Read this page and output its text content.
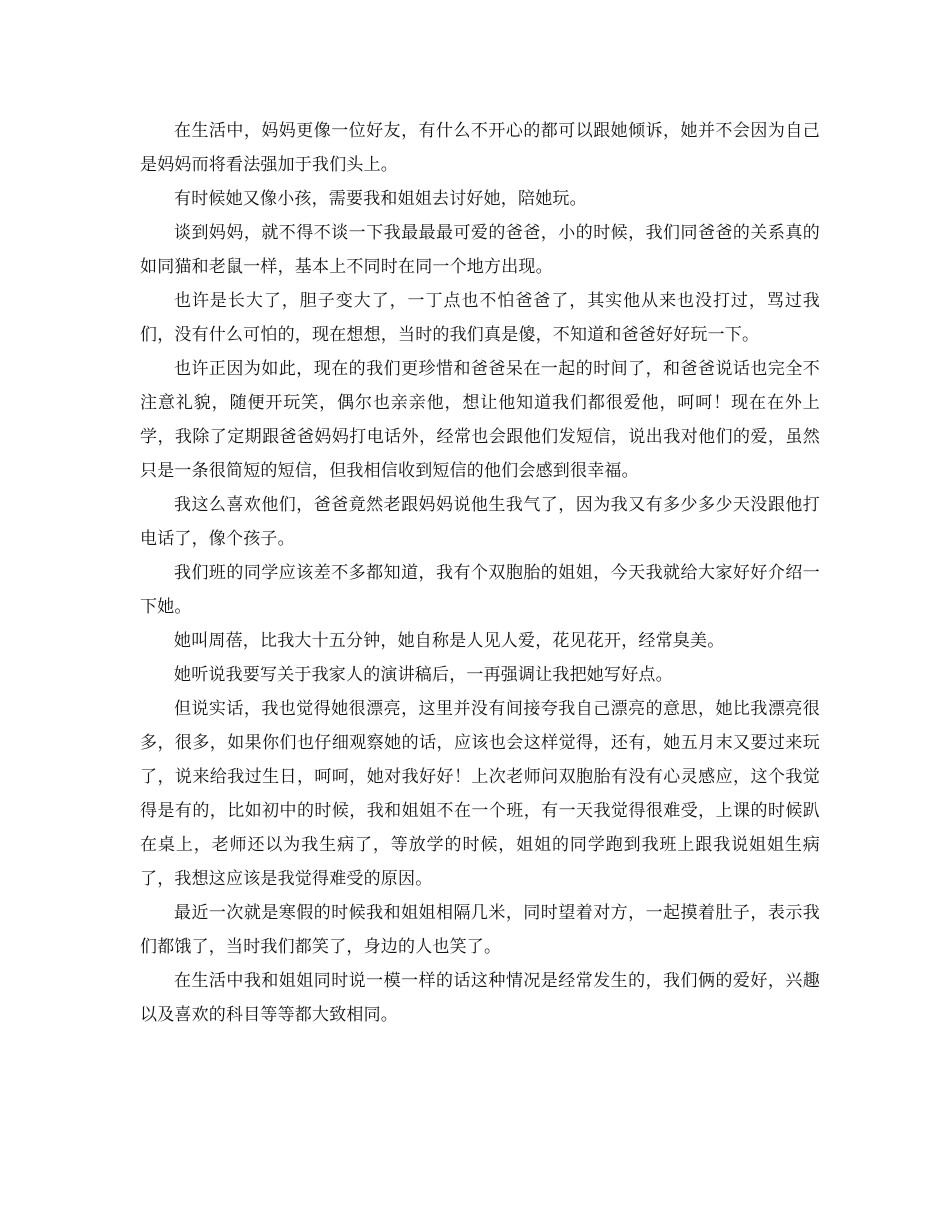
在生活中，妈妈更像一位好友，有什么不开心的都可以跟她倾诉，她并不会因为自己是妈妈而将看法强加于我们头上。

有时候她又像小孩，需要我和姐姐去讨好她，陪她玩。

谈到妈妈，就不得不谈一下我最最最可爱的爸爸，小的时候，我们同爸爸的关系真的如同猫和老鼠一样，基本上不同时在同一个地方出现。

也许是长大了，胆子变大了，一丁点也不怕爸爸了，其实他从来也没打过，骂过我们，没有什么可怕的，现在想想，当时的我们真是傻，不知道和爸爸好好玩一下。

也许正因为如此，现在的我们更珍惜和爸爸呆在一起的时间了，和爸爸说话也完全不注意礼貌，随便开玩笑，偶尔也亲亲他，想让他知道我们都很爱他，呵呵！现在在外上学，我除了定期跟爸爸妈妈打电话外，经常也会跟他们发短信，说出我对他们的爱，虽然只是一条很简短的短信，但我相信收到短信的他们会感到很幸福。

我这么喜欢他们，爸爸竟然老跟妈妈说他生我气了，因为我又有多少多少天没跟他打电话了，像个孩子。

我们班的同学应该差不多都知道，我有个双胞胎的姐姐，今天我就给大家好好介绍一下她。

她叫周蓓，比我大十五分钟，她自称是人见人爱，花见花开，经常臭美。

她听说我要写关于我家人的演讲稿后，一再强调让我把她写好点。

但说实话，我也觉得她很漂亮，这里并没有间接夸我自己漂亮的意思，她比我漂亮很多，很多，如果你们也仔细观察她的话，应该也会这样觉得，还有，她五月末又要过来玩了，说来给我过生日，呵呵，她对我好好！上次老师问双胞胎有没有心灵感应，这个我觉得是有的，比如初中的时候，我和姐姐不在一个班，有一天我觉得很难受，上课的时候趴在桌上，老师还以为我生病了，等放学的时候，姐姐的同学跑到我班上跟我说姐姐生病了，我想这应该是我觉得难受的原因。

最近一次就是寒假的时候我和姐姐相隔几米，同时望着对方，一起摸着肚子，表示我们都饿了，当时我们都笑了，身边的人也笑了。

在生活中我和姐姐同时说一模一样的话这种情况是经常发生的，我们俩的爱好，兴趣以及喜欢的科目等等都大致相同。
